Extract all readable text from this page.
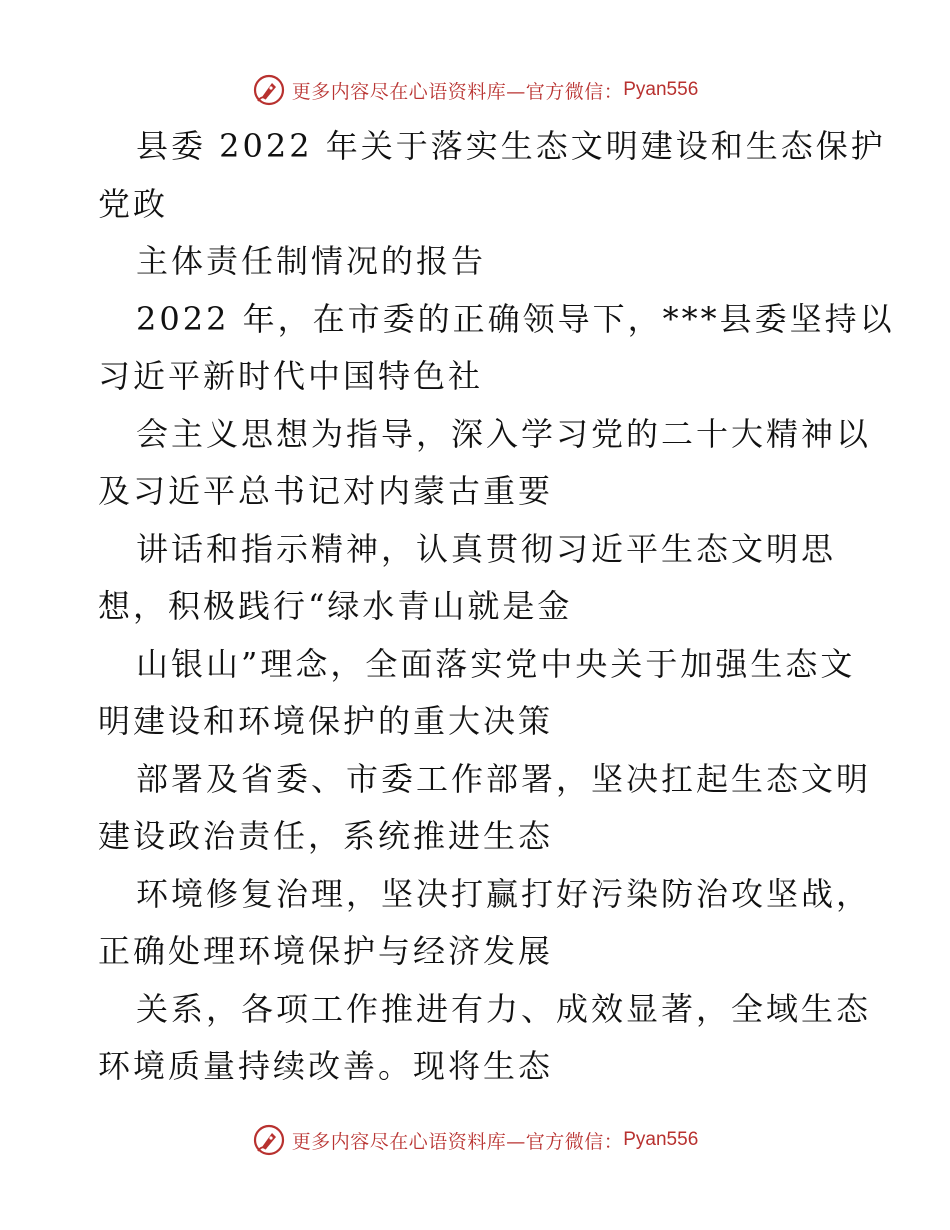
更多内容尽在心语资料库—官方微信： Pyan556
县委 2022 年关于落实生态文明建设和生态保护
党政
主体责任制情况的报告
2022 年，在市委的正确领导下，***县委坚持以
习近平新时代中国特色社
会主义思想为指导，深入学习党的二十大精神以
及习近平总书记对内蒙古重要
讲话和指示精神，认真贯彻习近平生态文明思
想，积极践行“绿水青山就是金
山银山”理念，全面落实党中央关于加强生态文
明建设和环境保护的重大决策
部署及省委、市委工作部署，坚决扛起生态文明
建设政治责任，系统推进生态
环境修复治理，坚决打赢打好污染防治攻坚战，
正确处理环境保护与经济发展
关系，各项工作推进有力、成效显著，全域生态
环境质量持续改善。现将生态
更多内容尽在心语资料库—官方微信： Pyan556
